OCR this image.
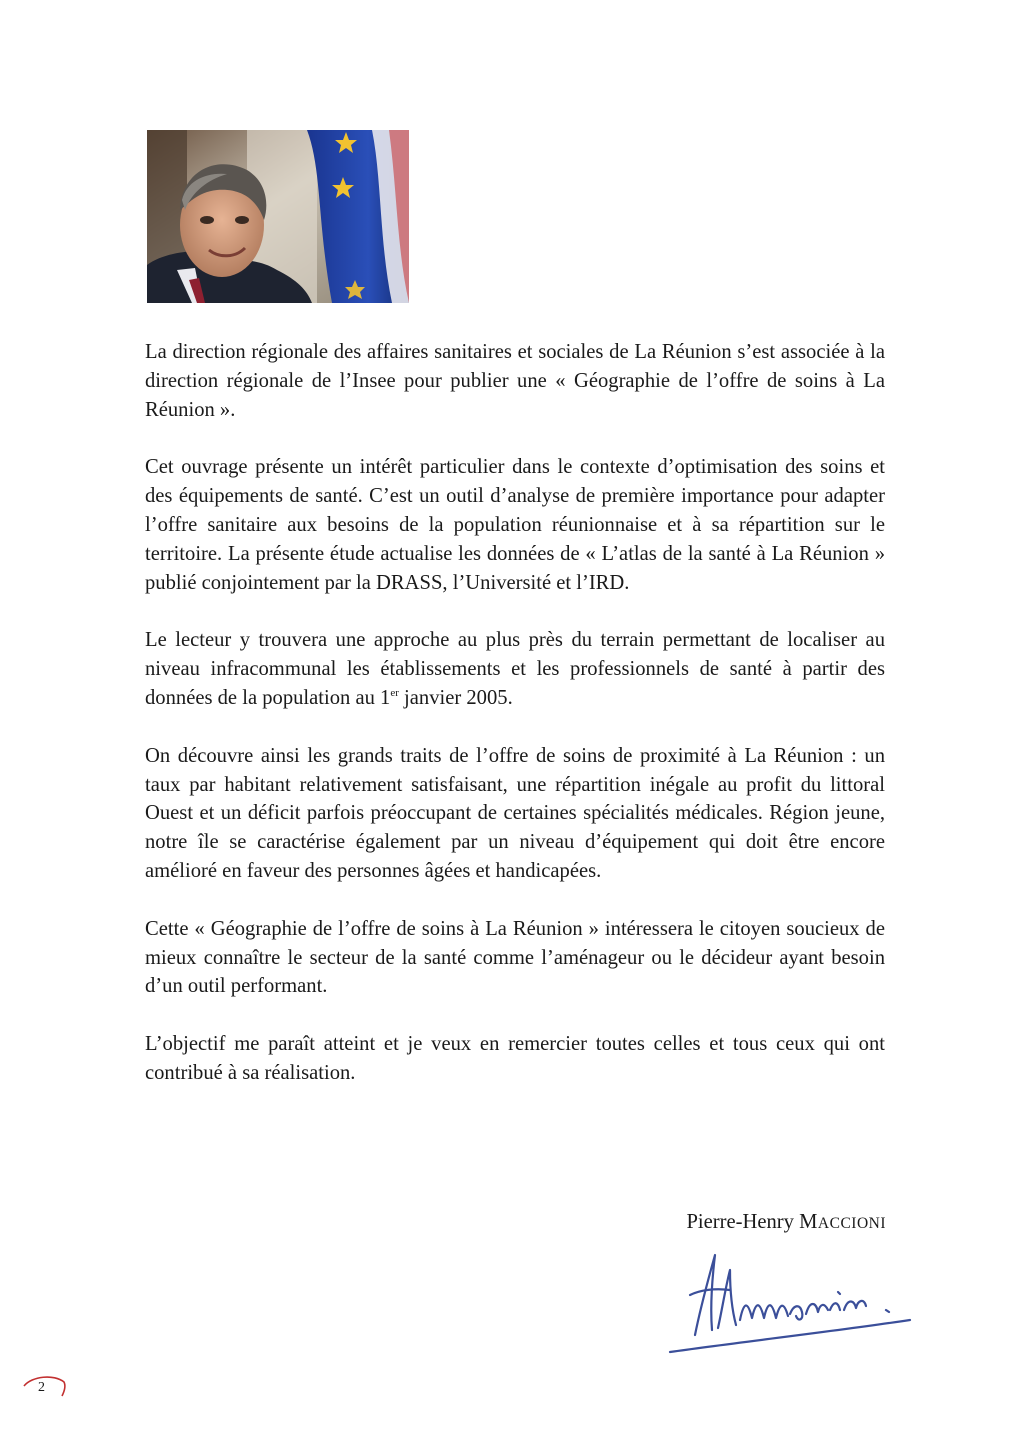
La direction régionale des affaires sanitaires et sociales de La Réunion s’est associée à la direction régionale de l’Insee pour publier une « Géographie de l’offre de soins à La Réunion ».

Cet ouvrage présente un intérêt particulier dans le contexte d’optimisation des soins et des équipements de santé. C’est un outil d’analyse de première importance pour adapter l’offre sanitaire aux besoins de la population réunionnaise et à sa répartition sur le territoire. La présente étude actualise les données de « L’atlas de la santé à La Réunion » publié conjointement par la DRASS, l’Université et l’IRD.

Le lecteur y trouvera une approche au plus près du terrain permettant de localiser au niveau infracommunal les établissements et les professionnels de santé à partir des données de la population au 1er janvier 2005.

On découvre ainsi les grands traits de l’offre de soins de proximité à La Réunion : un taux par habitant relativement satisfaisant, une répartition inégale au profit du littoral Ouest et un déficit parfois préoccupant de certaines spécialités médicales. Région jeune, notre île se caractérise également par un niveau d’équipement qui doit être encore amélioré en faveur des personnes âgées et handicapées.

Cette « Géographie de l’offre de soins à La Réunion » intéressera le citoyen soucieux de mieux connaître le secteur de la santé comme l’aménageur ou le décideur ayant besoin d’un outil performant.

L’objectif me paraît atteint et je veux en remercier toutes celles et tous ceux qui ont contribué à sa réalisation.

Pierre-Henry MACCIONI
2
